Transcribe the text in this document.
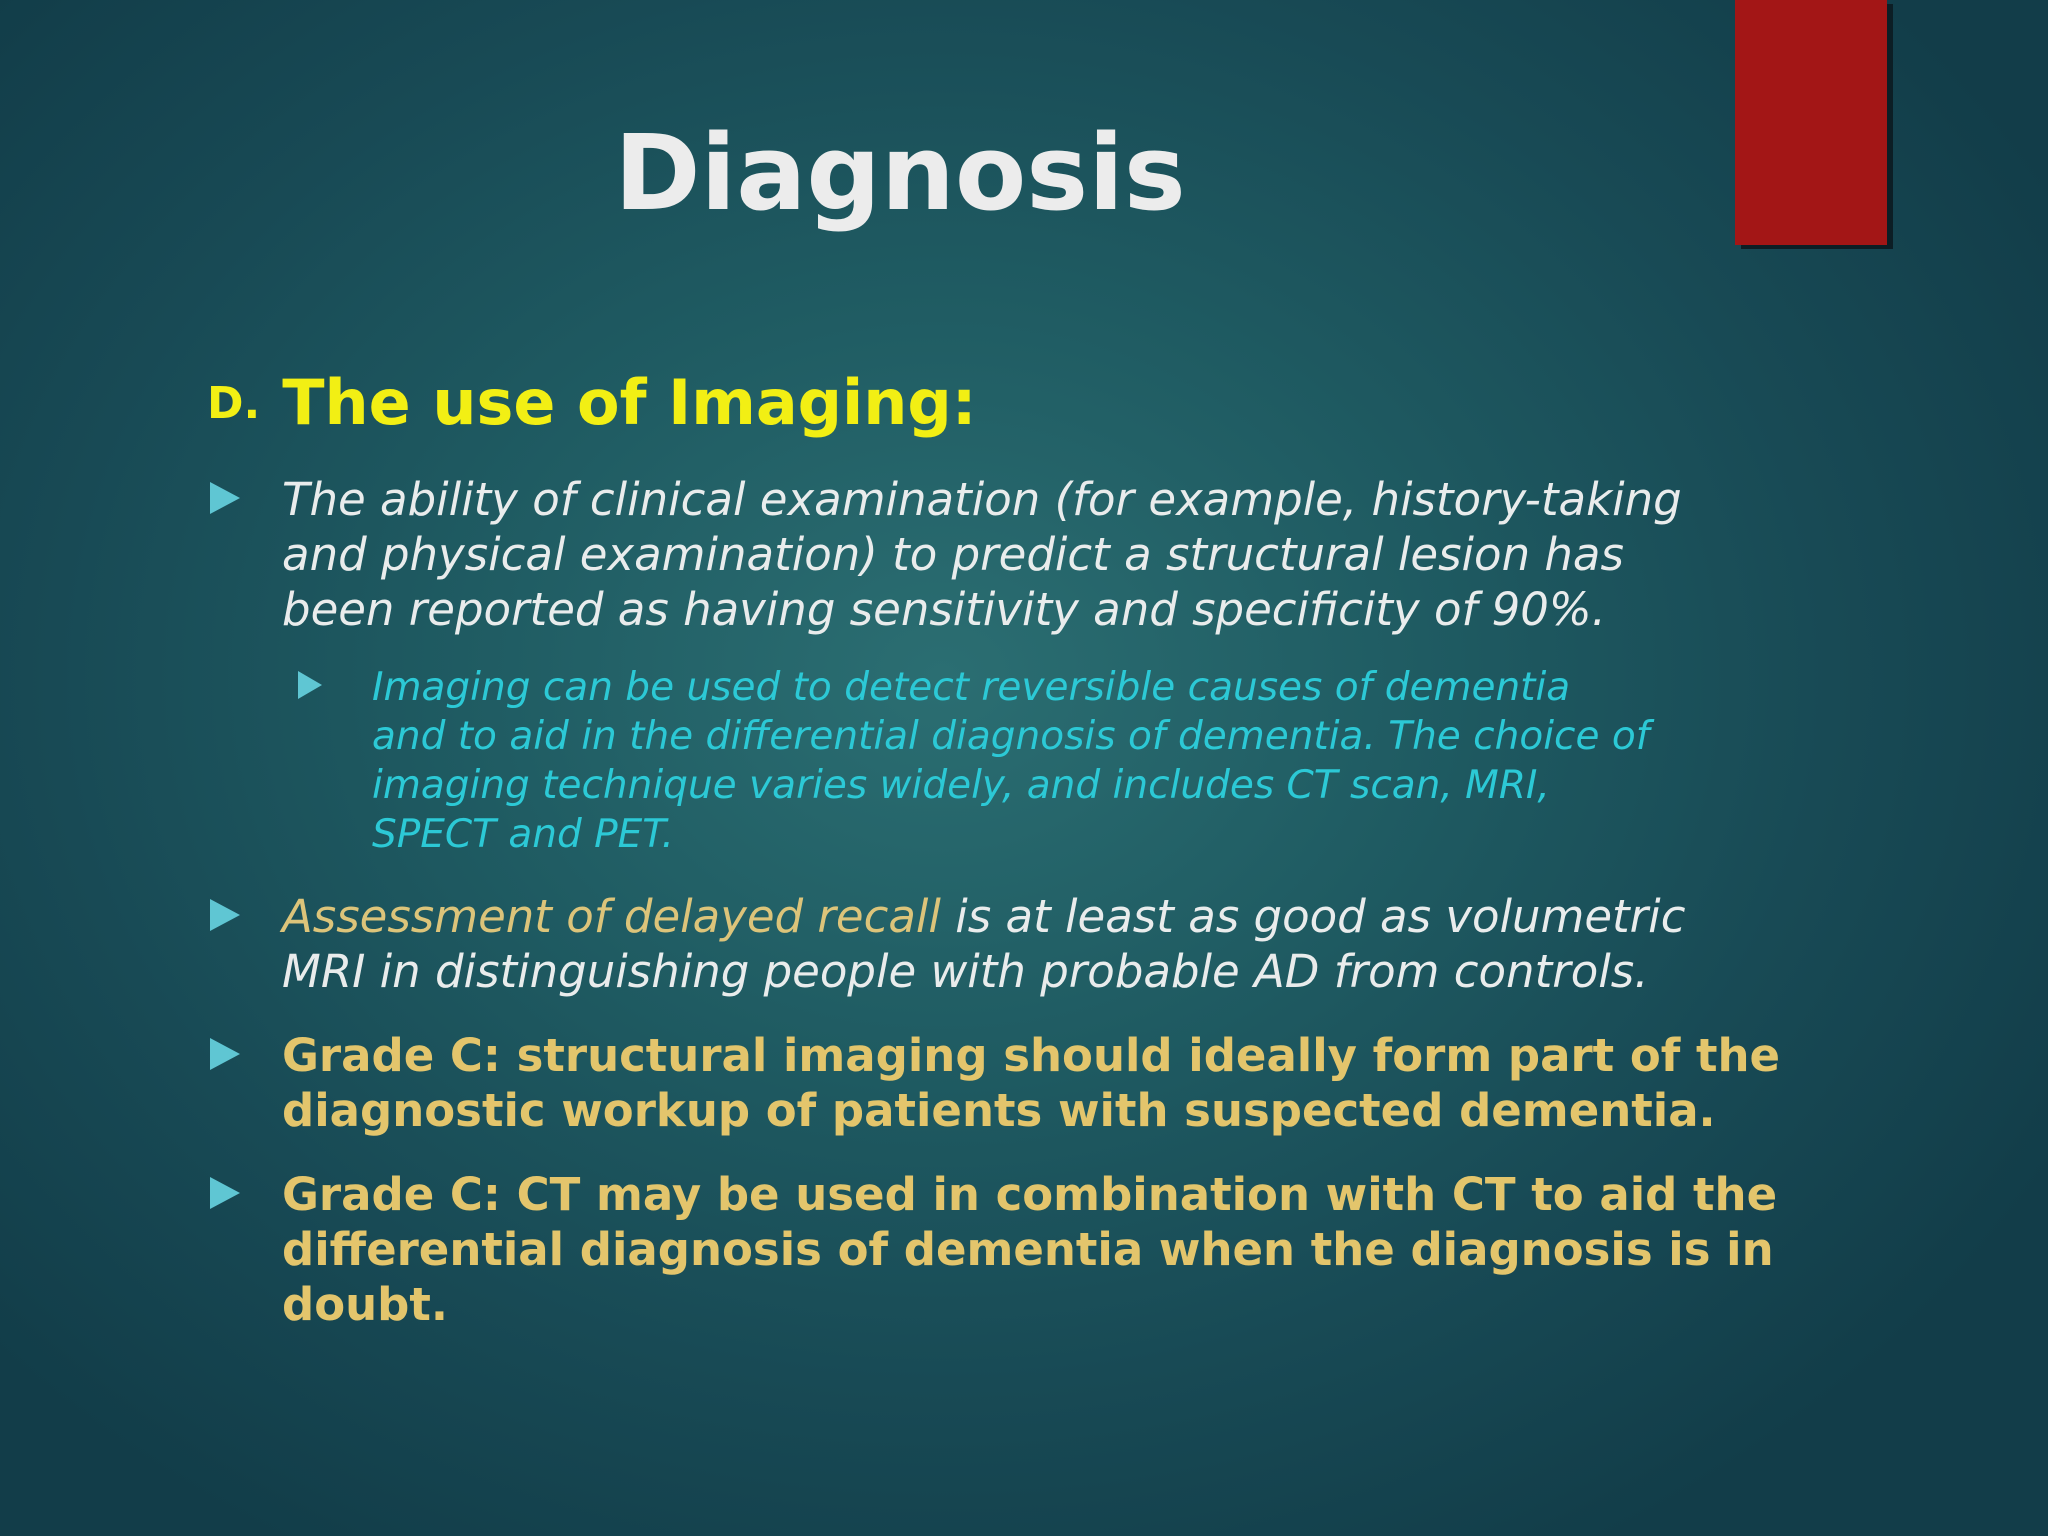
Diagnosis
D. The use of Imaging:
The ability of clinical examination (for example, history-taking
and physical examination) to predict a structural lesion has
been reported as having sensitivity and specificity of 90%.
Imaging can be used to detect reversible causes of dementia
and to aid in the differential diagnosis of dementia. The choice of
imaging technique varies widely, and includes CT scan, MRI,
SPECT and PET.
Assessment of delayed recall is at least as good as volumetric
MRI in distinguishing people with probable AD from controls.
Grade C: structural imaging should ideally form part of the
diagnostic workup of patients with suspected dementia.
Grade C: CT may be used in combination with CT to aid the
differential diagnosis of dementia when the diagnosis is in
doubt.
